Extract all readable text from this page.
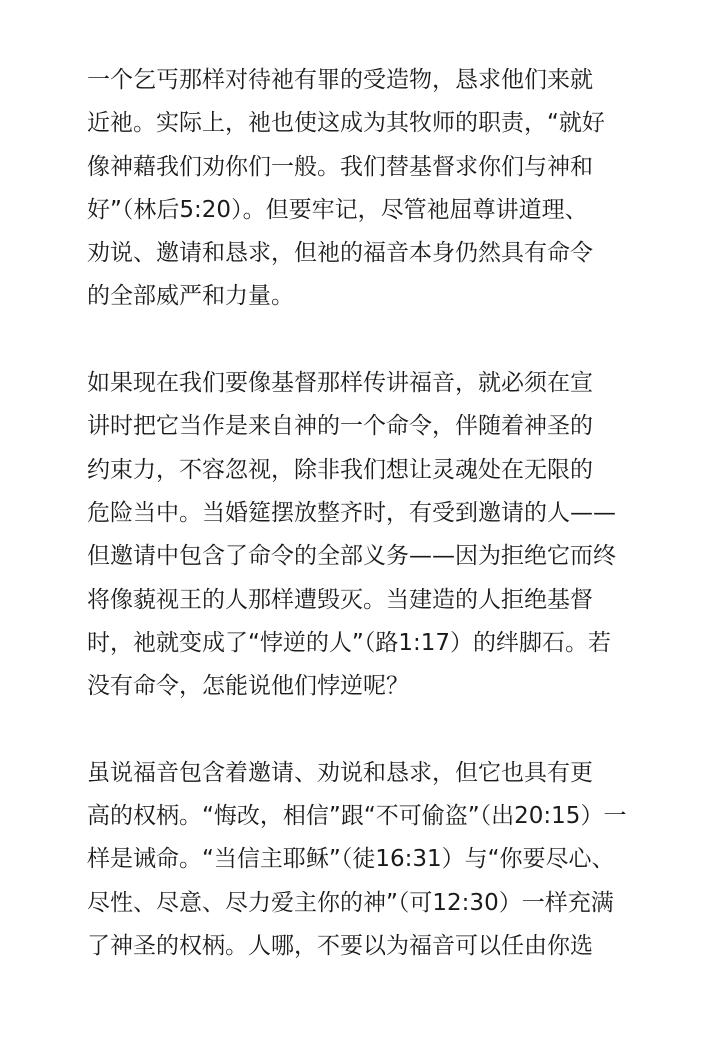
一个乞丐那样对待祂有罪的受造物，恳求他们来就
近祂。实际上，祂也使这成为其牧师的职责，“就好
像神藉我们劝你们一般。我们替基督求你们与神和
好”（林后5:20）。但要牢记，尽管祂屈尊讲道理、
劝说、邀请和恳求，但祂的福音本身仍然具有命令
的全部威严和力量。
如果现在我们要像基督那样传讲福音，就必须在宣
讲时把它当作是来自神的一个命令，伴随着神圣的
约束力，不容忽视，除非我们想让灵魂处在无限的
危险当中。当婚筵摆放整齐时，有受到邀请的人——
但邀请中包含了命令的全部义务——因为拒绝它而终
将像藐视王的人那样遭毁灭。当建造的人拒绝基督
时，祂就变成了“悖逆的人”（路1:17）的绊脚石。若
没有命令，怎能说他们悖逆呢？
虽说福音包含着邀请、劝说和恳求，但它也具有更
高的权柄。“悔改，相信”跟“不可偷盗”（出20:15）一
样是诫命。“当信主耶稣”（徒16:31）与“你要尽心、
尽性、尽意、尽力爱主你的神”（可12:30）一样充满
了神圣的权柄。人哪，不要以为福音可以任由你选
